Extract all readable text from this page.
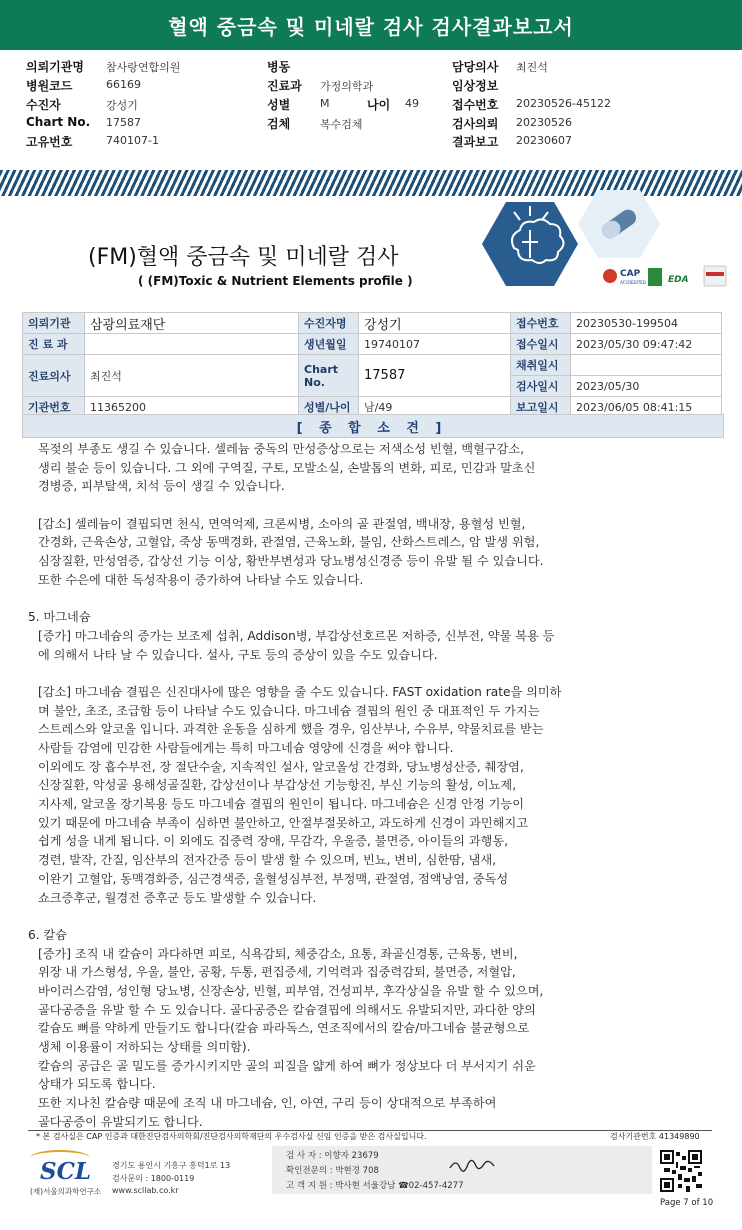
혈액 중금속 및 미네랄 검사 검사결과보고서
의뢰기관명 참사랑연합의원
병원코드	66169
수진자	강성기
Chart No. 17587
고유번호	740107-1
병동
진료과 가정의학과
성별	M	나이 49
검체	복수검체
담당의사 최진석
임상정보
접수번호 20230526-45122
검사의뢰 20230526
결과보고 20230607
(FM)혈액 중금속 및 미네랄 검사
( (FM)Toxic & Nutrient Elements profile )	CAP
ACCREDITED EDA
의뢰기관	삼광의료재단	수진자명	강성기	접수번호	20230530-199504
진 료 과		생년월일	19740107	접수일시	2023/05/30 09:47:42
진료의사	최진석	Chart No.	17587	채취일시	
				검사일시	2023/05/30
기관번호	11365200	성별/나이	남/49	보고일시	2023/06/05 08:41:15
[ 종 합 소 견 ]
목젖의 부종도 생길 수 있습니다. 셀레늄 중독의 만성증상으로는 저색소성 빈혈, 백혈구감소,
생리 불순 등이 있습니다. 그 외에 구역질, 구토, 모발소실, 손발톱의 변화, 피로, 민감과 말초신
경병증, 피부탈색, 치석 등이 생길 수 있습니다.
[감소] 셀레늄이 결핍되면 천식, 면역억제, 크론씨병, 소아의 골 관절염, 백내장, 용혈성 빈혈,
간경화, 근육손상, 고혈압, 죽상 동맥경화, 관절염, 근육노화, 불임, 산화스트레스, 암 발생 위험,
심장질환, 만성염증, 갑상선 기능 이상, 황반부변성과 당뇨병성신경증 등이 유발 될 수 있습니다.
또한 수은에 대한 독성작용이 증가하여 나타날 수도 있습니다.
5. 마그네슘
[증가] 마그네슘의 증가는 보조제 섭취, Addison병, 부갑상선호르몬 저하증, 신부전, 약물 복용 등
에 의해서 나타 날 수 있습니다. 설사, 구토 등의 증상이 있을 수도 있습니다.
[감소] 마그네슘 결핍은 신진대사에 많은 영향을 줄 수도 있습니다. FAST oxidation rate을 의미하
며 불안, 초조, 조급함 등이 나타날 수도 있습니다. 마그네슘 결핍의 원인 중 대표적인 두 가지는
스트레스와 알코올 입니다. 과격한 운동을 심하게 했을 경우, 임산부나, 수유부, 약물치료를 받는
사람들 감염에 민감한 사람들에게는 특히 마그네슘 영양에 신경을 써야 합니다.
이외에도 장 흡수부전, 장 절단수술, 지속적인 설사, 알코올성 간경화, 당뇨병성산증, 췌장염,
신장질환, 악성골 용해성골질환, 갑상선이나 부갑상선 기능항진, 부신 기능의 활성, 이뇨제,
지사제, 알코올 장기복용 등도 마그네슘 결핍의 원인이 됩니다. 마그네슘은 신경 안정 기능이
있기 때문에 마그네슘 부족이 심하면 불안하고, 안절부절못하고, 과도하게 신경이 과민해지고
쉽게 성을 내게 됩니다. 이 외에도 집중력 장애, 무감각, 우울증, 불면증, 아이들의 과행동,
경련, 발작, 간질, 임산부의 전자간증 등이 발생 할 수 있으며, 빈뇨, 변비, 심한땀, 냄새,
이완기 고혈압, 동맥경화증, 심근경색증, 울혈성심부전, 부정맥, 관절염, 점액낭염, 중독성
쇼크증후군, 월경전 증후군 등도 발생할 수 있습니다.
6. 칼슘
[증가] 조직 내 칼슘이 과다하면 피로, 식욕감퇴, 체중감소, 요통, 좌골신경통, 근육통, 변비,
위장 내 가스형성, 우울, 불안, 공황, 두통, 편집증세, 기억력과 집중력감퇴, 불면증, 저혈압,
바이러스감염, 성인형 당뇨병, 신장손상, 빈혈, 피부염, 건성피부, 후각상실을 유발 할 수 있으며,
골다공증을 유발 할 수 도 있습니다. 골다공증은 칼슘결핍에 의해서도 유발되지만, 과다한 양의
칼슘도 뼈를 약하게 만들기도 합니다(칼슘 파라독스, 연조직에서의 칼슘/마그네슘 불균형으로
생체 이용률이 저하되는 상태를 의미함).
칼슘의 공급은 골 밀도를 증가시키지만 골의 피질을 얇게 하여 뼈가 정상보다 더 부서지기 쉬운
상태가 되도록 합니다.
또한 지나친 칼슘량 때문에 조직 내 마그네슘, 인, 아연, 구리 등이 상대적으로 부족하여
골다공증이 유발되기도 합니다.
* 본 검사실은 CAP 인증과 대한진단검사의학회/진단검사의학재단의 우수검사실 신임 인증을 받은 검사실입니다.	검사기관번호 41349890
SCL
(재)서울의과학연구소
경기도 용인시 기흥구 흥덕1로 13
검사문의 : 1800-0119
www.scllab.co.kr
검 사 자 : 이향자 23679
확인전문의 : 박현경 708
고 객 지 원 : 박사현 서울강남 ☎02-457-4277
Page 7 of 10
